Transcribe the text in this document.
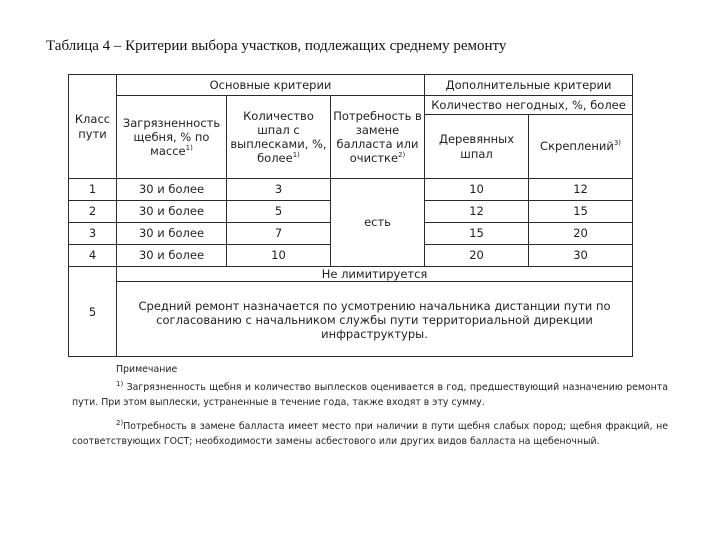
Таблица 4 – Критерии выбора участков, подлежащих среднему ремонту
Класс пути	Основные критерии			Дополнительные критерии	
	Загрязненность щебня, % по массе$^{1)}$	Количество шпал с выплесками, %, более$^{1)}$	Потребность в замене балласта или очистке$^{2)}$	Количество негодных, %, более	
				Деревянных шпал	Скреплений$^{3)}$
1	30 и более	3	есть	10	12
2	30 и более	5		12	15
3	30 и более	7		15	20
4	30 и более	10		20	30
5	Не лимитируется				
	Средний ремонт назначается по усмотрению начальника дистанции пути по согласованию с начальником службы пути территориальной дирекции инфраструктуры.				
Примечание

$^{1)}$ Загрязненность щебня и количество выплесков оценивается в год, предшествующий назначению ремонта пути. При этом выплески, устраненные в течение года, также входят в эту сумму.

$^{2)}$Потребность в замене балласта имеет место при наличии в пути щебня слабых пород; щебня фракций, не соответствующих ГОСТ; необходимости замены асбестового или других видов балласта на щебеночный.
